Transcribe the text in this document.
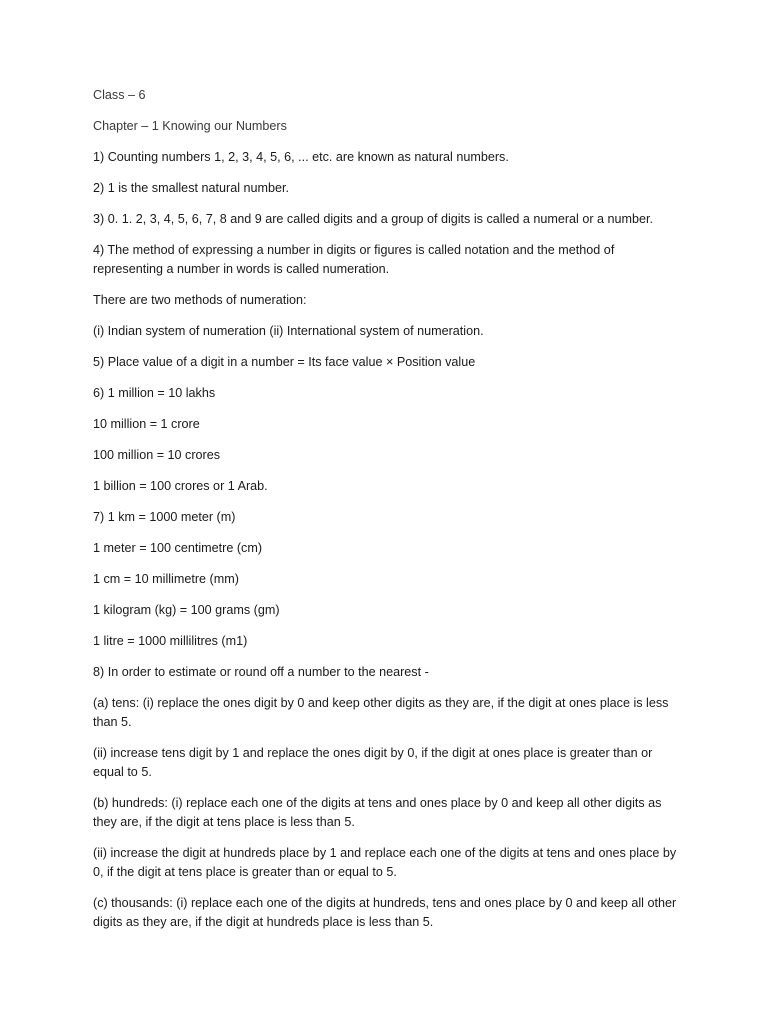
Class – 6

Chapter – 1 Knowing our Numbers

1) Counting numbers 1, 2, 3, 4, 5, 6, ... etc. are known as natural numbers.

2) 1 is the smallest natural number.

3) 0. 1. 2, 3, 4, 5, 6, 7, 8 and 9 are called digits and a group of digits is called a numeral or a number.

4) The method of expressing a number in digits or figures is called notation and the method of representing a number in words is called numeration.

There are two methods of numeration:

(i) Indian system of numeration (ii) International system of numeration.

5) Place value of a digit in a number = Its face value × Position value

6) 1 million = 10 lakhs

10 million = 1 crore

100 million = 10 crores

1 billion = 100 crores or 1 Arab.

7) 1 km = 1000 meter (m)

1 meter = 100 centimetre (cm)

1 cm = 10 millimetre (mm)

1 kilogram (kg) = 100 grams (gm)

1 litre = 1000 millilitres (m1)

8) In order to estimate or round off a number to the nearest -

(a) tens: (i) replace the ones digit by 0 and keep other digits as they are, if the digit at ones place is less than 5.

(ii) increase tens digit by 1 and replace the ones digit by 0, if the digit at ones place is greater than or equal to 5.

(b) hundreds: (i) replace each one of the digits at tens and ones place by 0 and keep all other digits as they are, if the digit at tens place is less than 5.

(ii) increase the digit at hundreds place by 1 and replace each one of the digits at tens and ones place by 0, if the digit at tens place is greater than or equal to 5.

(c) thousands: (i) replace each one of the digits at hundreds, tens and ones place by 0 and keep all other digits as they are, if the digit at hundreds place is less than 5.
